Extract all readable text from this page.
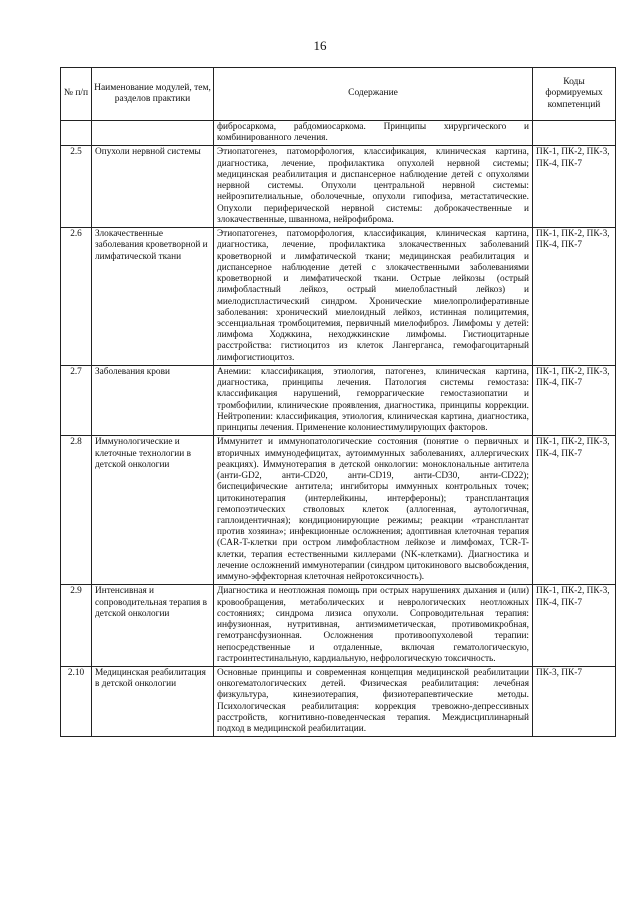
16
№ п/п	Наименование модулей, тем, разделов практики	Содержание	Коды формируемых компетенций
		фибросаркома, рабдомиосаркома. Принципы хирургического и комбинированного лечения.	
2.5	Опухоли нервной системы	Этиопатогенез, патоморфология, классификация, клиническая картина, диагностика, лечение, профилактика опухолей нервной системы; медицинская реабилитация и диспансерное наблюдение детей с опухолями нервной системы. Опухоли центральной нервной системы: нейроэпителиальные, оболочечные, опухоли гипофиза, метастатические. Опухоли периферической нервной системы: доброкачественные и злокачественные, шваннома, нейрофиброма.	ПК-1, ПК-2, ПК-3, ПК-4, ПК-7
2.6	Злокачественные заболевания кроветворной и лимфатической ткани	Этиопатогенез, патоморфология, классификация, клиническая картина, диагностика, лечение, профилактика злокачественных заболеваний кроветворной и лимфатической ткани; медицинская реабилитация и диспансерное наблюдение детей с злокачественными заболеваниями кроветворной и лимфатической ткани. Острые лейкозы (острый лимфобластный лейкоз, острый миелобластный лейкоз) и миелодиспластический синдром. Хронические миелопролиферативные заболевания: хронический миелоидный лейкоз, истинная полицитемия, эссенциальная тромбоцитемия, первичный миелофиброз. Лимфомы у детей: лимфома Ходжкина, неходжкинские лимфомы. Гистиоцитарные расстройства: гистиоцитоз из клеток Лангерганса, гемофагоцитарный лимфогистиоцитоз.	ПК-1, ПК-2, ПК-3, ПК-4, ПК-7
2.7	Заболевания крови	Анемии: классификация, этиология, патогенез, клиническая картина, диагностика, принципы лечения. Патология системы гемостаза: классификация нарушений, геморрагические гемостазиопатии и тромбофилии, клинические проявления, диагностика, принципы коррекции. Нейтропении: классификация, этиология, клиническая картина, диагностика, принципы лечения. Применение колониестимулирующих факторов.	ПК-1, ПК-2, ПК-3, ПК-4, ПК-7
2.8	Иммунологические и клеточные технологии в детской онкологии	Иммунитет и иммунопатологические состояния (понятие о первичных и вторичных иммунодефицитах, аутоиммунных заболеваниях, аллергических реакциях). Иммунотерапия в детской онкологии: моноклональные антитела (анти-GD2, анти-CD20, анти-CD19, анти-CD30, анти-CD22); биспецифические антитела; ингибиторы иммунных контрольных точек; цитокинотерапия (интерлейкины, интерфероны); трансплантация гемопоэтических стволовых клеток (аллогенная, аутологичная, гаплоидентичная); кондиционирующие режимы; реакции «трансплантат против хозяина»; инфекционные осложнения; адоптивная клеточная терапия (CAR-T-клетки при остром лимфобластном лейкозе и лимфомах, TCR-T-клетки, терапия естественными киллерами (NK-клетками). Диагностика и лечение осложнений иммунотерапии (синдром цитокинового высвобождения, иммуно-эффекторная клеточная нейротоксичность).	ПК-1, ПК-2, ПК-3, ПК-4, ПК-7
2.9	Интенсивная и сопроводительная терапия в детской онкологии	Диагностика и неотложная помощь при острых нарушениях дыхания и (или) кровообращения, метаболических и неврологических неотложных состояниях; синдрома лизиса опухоли. Сопроводительная терапия: инфузионная, нутритивная, антиэмиметическая, противомикробная, гемотрансфузионная. Осложнения противоопухолевой терапии: непосредственные и отдаленные, включая гематологическую, гастроинтестинальную, кардиальную, нефрологическую токсичность.	ПК-1, ПК-2, ПК-3, ПК-4, ПК-7
2.10	Медицинская реабилитация в детской онкологии	Основные принципы и современная концепция медицинской реабилитации онкогематологических детей. Физическая реабилитация: лечебная физкультура, кинезиотерапия, физиотерапевтические методы. Психологическая реабилитация: коррекция тревожно-депрессивных расстройств, когнитивно-поведенческая терапия. Междисциплинарный подход в медицинской реабилитации.	ПК-3, ПК-7
